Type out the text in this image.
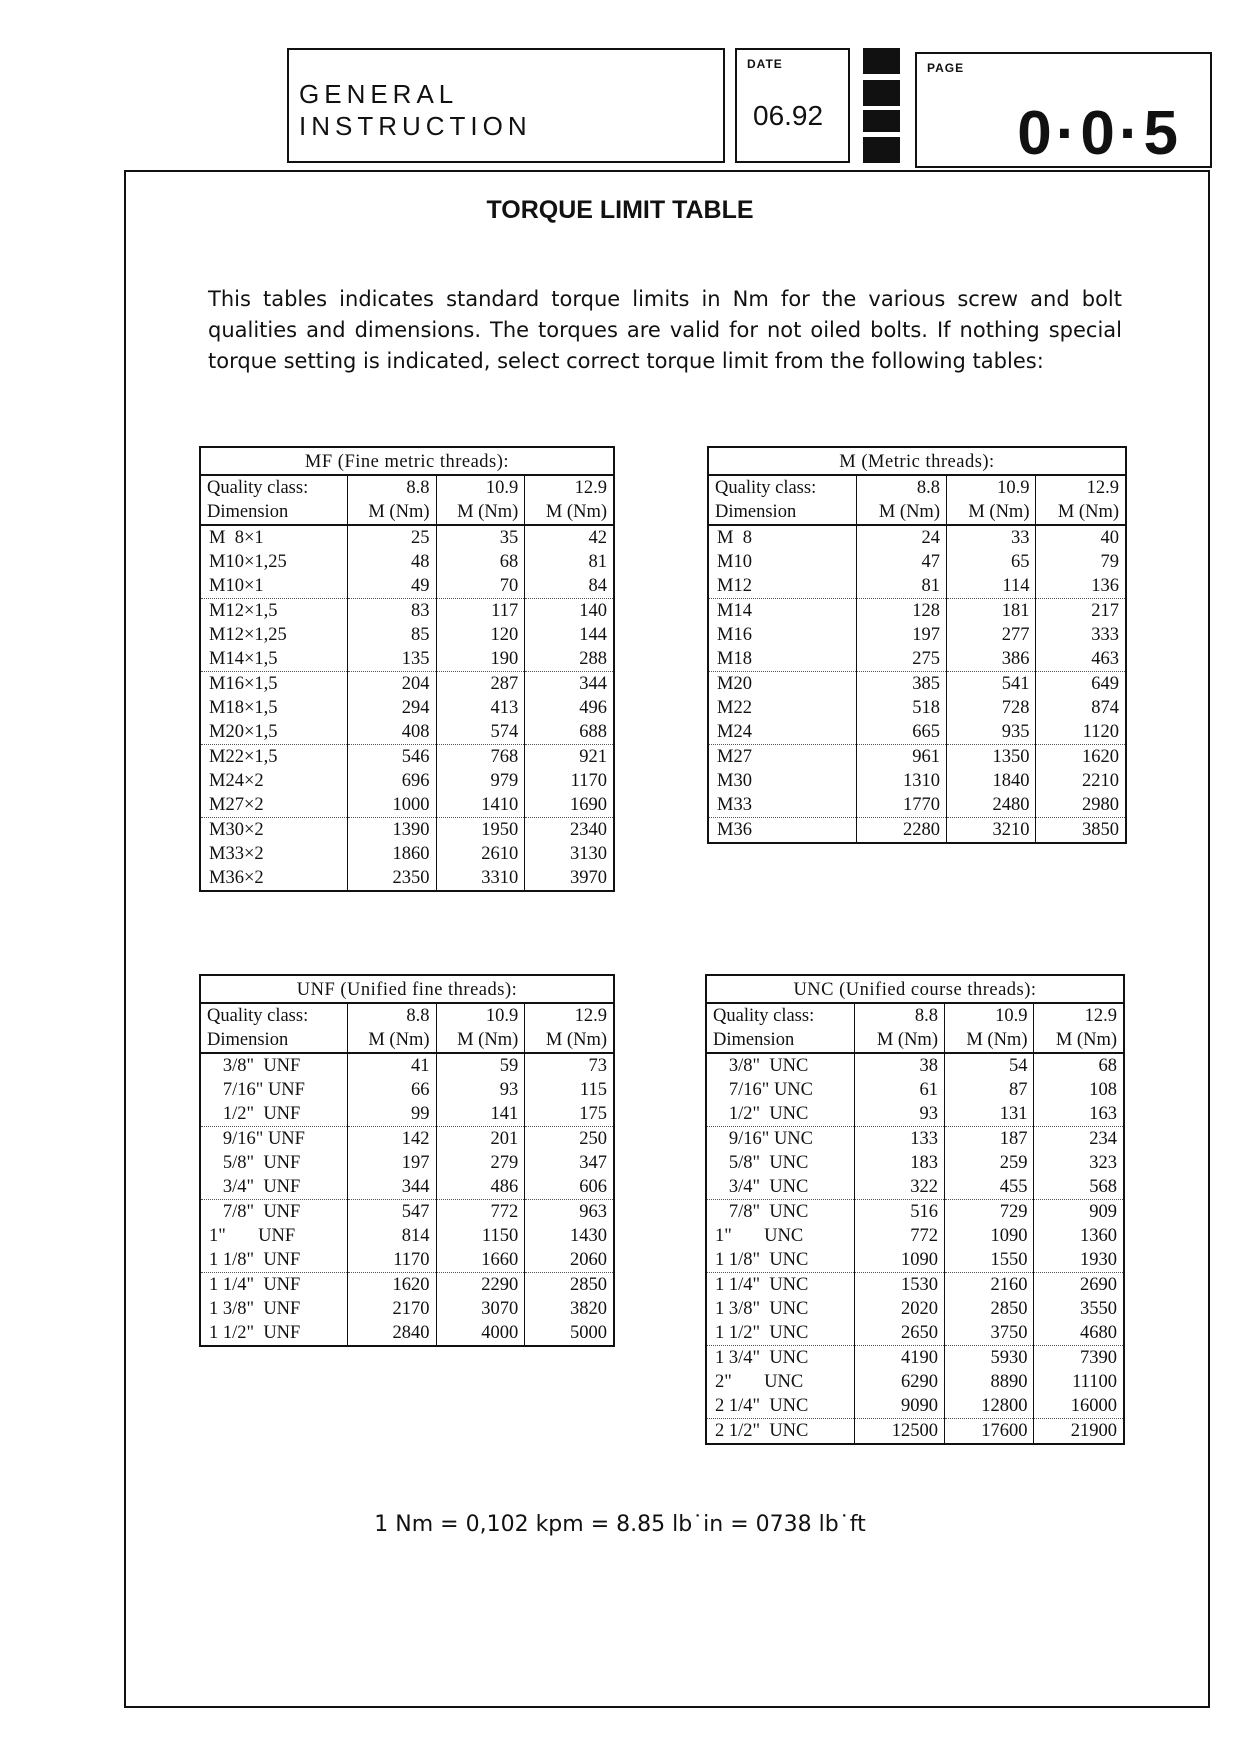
GENERAL
INSTRUCTION
DATE
06.92
PAGE
0·0·5
TORQUE LIMIT TABLE
This tables indicates standard torque limits in Nm for the various screw and bolt qualities and dimensions. The torques are valid for not oiled bolts. If nothing special torque setting is indicated, select correct torque limit from the following tables:
MF (Fine metric threads):			
Quality class:	8.8	10.9	12.9
Dimension	M (Nm)	M (Nm)	M (Nm)
M  8×1	25	35	42
M10×1,25	48	68	81
M10×1	49	70	84
M12×1,5	83	117	140
M12×1,25	85	120	144
M14×1,5	135	190	288
M16×1,5	204	287	344
M18×1,5	294	413	496
M20×1,5	408	574	688
M22×1,5	546	768	921
M24×2	696	979	1170
M27×2	1000	1410	1690
M30×2	1390	1950	2340
M33×2	1860	2610	3130
M36×2	2350	3310	3970
M (Metric threads):			
Quality class:	8.8	10.9	12.9
Dimension	M (Nm)	M (Nm)	M (Nm)
M  8	24	33	40
M10	47	65	79
M12	81	114	136
M14	128	181	217
M16	197	277	333
M18	275	386	463
M20	385	541	649
M22	518	728	874
M24	665	935	1120
M27	961	1350	1620
M30	1310	1840	2210
M33	1770	2480	2980
M36	2280	3210	3850
UNF (Unified fine threads):			
Quality class:	8.8	10.9	12.9
Dimension	M (Nm)	M (Nm)	M (Nm)
3/8"  UNF	41	59	73
7/16" UNF	66	93	115
1/2"  UNF	99	141	175
9/16" UNF	142	201	250
5/8"  UNF	197	279	347
3/4"  UNF	344	486	606
7/8"  UNF	547	772	963
1"       UNF	814	1150	1430
1 1/8"  UNF	1170	1660	2060
1 1/4"  UNF	1620	2290	2850
1 3/8"  UNF	2170	3070	3820
1 1/2"  UNF	2840	4000	5000
UNC (Unified course threads):			
Quality class:	8.8	10.9	12.9
Dimension	M (Nm)	M (Nm)	M (Nm)
3/8"  UNC	38	54	68
7/16" UNC	61	87	108
1/2"  UNC	93	131	163
9/16" UNC	133	187	234
5/8"  UNC	183	259	323
3/4"  UNC	322	455	568
7/8"  UNC	516	729	909
1"       UNC	772	1090	1360
1 1/8"  UNC	1090	1550	1930
1 1/4"  UNC	1530	2160	2690
1 3/8"  UNC	2020	2850	3550
1 1/2"  UNC	2650	3750	4680
1 3/4"  UNC	4190	5930	7390
2"       UNC	6290	8890	11100
2 1/4"  UNC	9090	12800	16000
2 1/2"  UNC	12500	17600	21900
1 Nm = 0,102 kpm = 8.85 lb˙in = 0738 lb˙ft
